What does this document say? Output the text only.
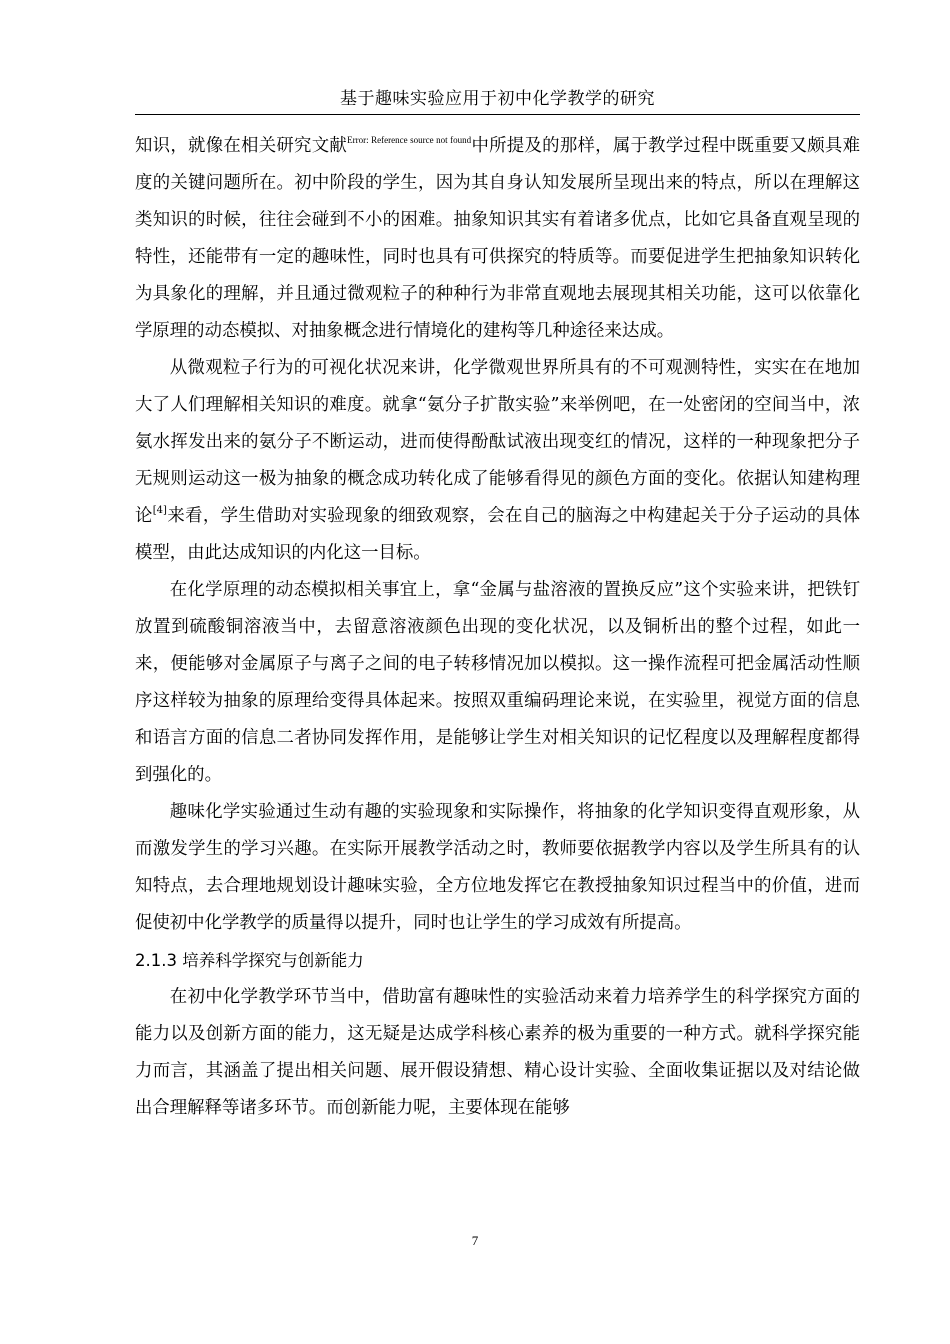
基于趣味实验应用于初中化学教学的研究

知识，就像在相关研究文献$^{Error: Reference source not found}$中所提及的那样，属于教学过程中既重要又颇具难度的关键问题所在。初中阶段的学生，因为其自身认知发展所呈现出来的特点，所以在理解这类知识的时候，往往会碰到不小的困难。抽象知识其实有着诸多优点，比如它具备直观呈现的特性，还能带有一定的趣味性，同时也具有可供探究的特质等。而要促进学生把抽象知识转化为具象化的理解，并且通过微观粒子的种种行为非常直观地去展现其相关功能，这可以依靠化学原理的动态模拟、对抽象概念进行情境化的建构等几种途径来达成。

从微观粒子行为的可视化状况来讲，化学微观世界所具有的不可观测特性，实实在在地加大了人们理解相关知识的难度。就拿“氨分子扩散实验”来举例吧，在一处密闭的空间当中，浓氨水挥发出来的氨分子不断运动，进而使得酚酞试液出现变红的情况，这样的一种现象把分子无规则运动这一极为抽象的概念成功转化成了能够看得见的颜色方面的变化。依据认知建构理论[4]来看，学生借助对实验现象的细致观察，会在自己的脑海之中构建起关于分子运动的具体模型，由此达成知识的内化这一目标。

在化学原理的动态模拟相关事宜上，拿“金属与盐溶液的置换反应”这个实验来讲，把铁钉放置到硫酸铜溶液当中，去留意溶液颜色出现的变化状况，以及铜析出的整个过程，如此一来，便能够对金属原子与离子之间的电子转移情况加以模拟。这一操作流程可把金属活动性顺序这样较为抽象的原理给变得具体起来。按照双重编码理论来说，在实验里，视觉方面的信息和语言方面的信息二者协同发挥作用，是能够让学生对相关知识的记忆程度以及理解程度都得到强化的。

趣味化学实验通过生动有趣的实验现象和实际操作，将抽象的化学知识变得直观形象，从而激发学生的学习兴趣。在实际开展教学活动之时，教师要依据教学内容以及学生所具有的认知特点，去合理地规划设计趣味实验，全方位地发挥它在教授抽象知识过程当中的价值，进而促使初中化学教学的质量得以提升，同时也让学生的学习成效有所提高。

2.1.3 培养科学探究与创新能力

在初中化学教学环节当中，借助富有趣味性的实验活动来着力培养学生的科学探究方面的能力以及创新方面的能力，这无疑是达成学科核心素养的极为重要的一种方式。就科学探究能力而言，其涵盖了提出相关问题、展开假设猜想、精心设计实验、全面收集证据以及对结论做出合理解释等诸多环节。而创新能力呢，主要体现在能够

7
